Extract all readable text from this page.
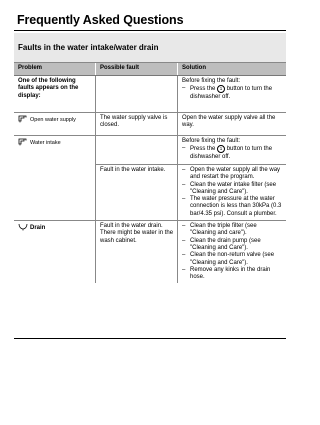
Frequently Asked Questions
Faults in the water intake/water drain
Problem	Possible fault	Solution
One of the following faults appears on the display:
Before fixing the fault:
– Press the 1 button to turn the dishwasher off.
Open water supply	The water supply valve is closed.
Open the water supply valve all the way.
Water intake	Before fixing the fault:
– Press the 1 button to turn the dishwasher off.
Fault in the water intake.
–	Open the water supply all the way and restart the program.
– Clean the water intake filter (see "Cleaning and Care").
– The water pressure at the water connection is less than 30kPa (0.3 bar/4.35 psi). Consult a plumber.
Drain	Fault in the water drain. There might be water in the wash cabinet.
– Clean the triple filter (see "Cleaning and care").
– Clean the drain pump (see "Cleaning and Care").
– Clean the non-return valve (see "Cleaning and Care").
– Remove any kinks in the drain hose.
